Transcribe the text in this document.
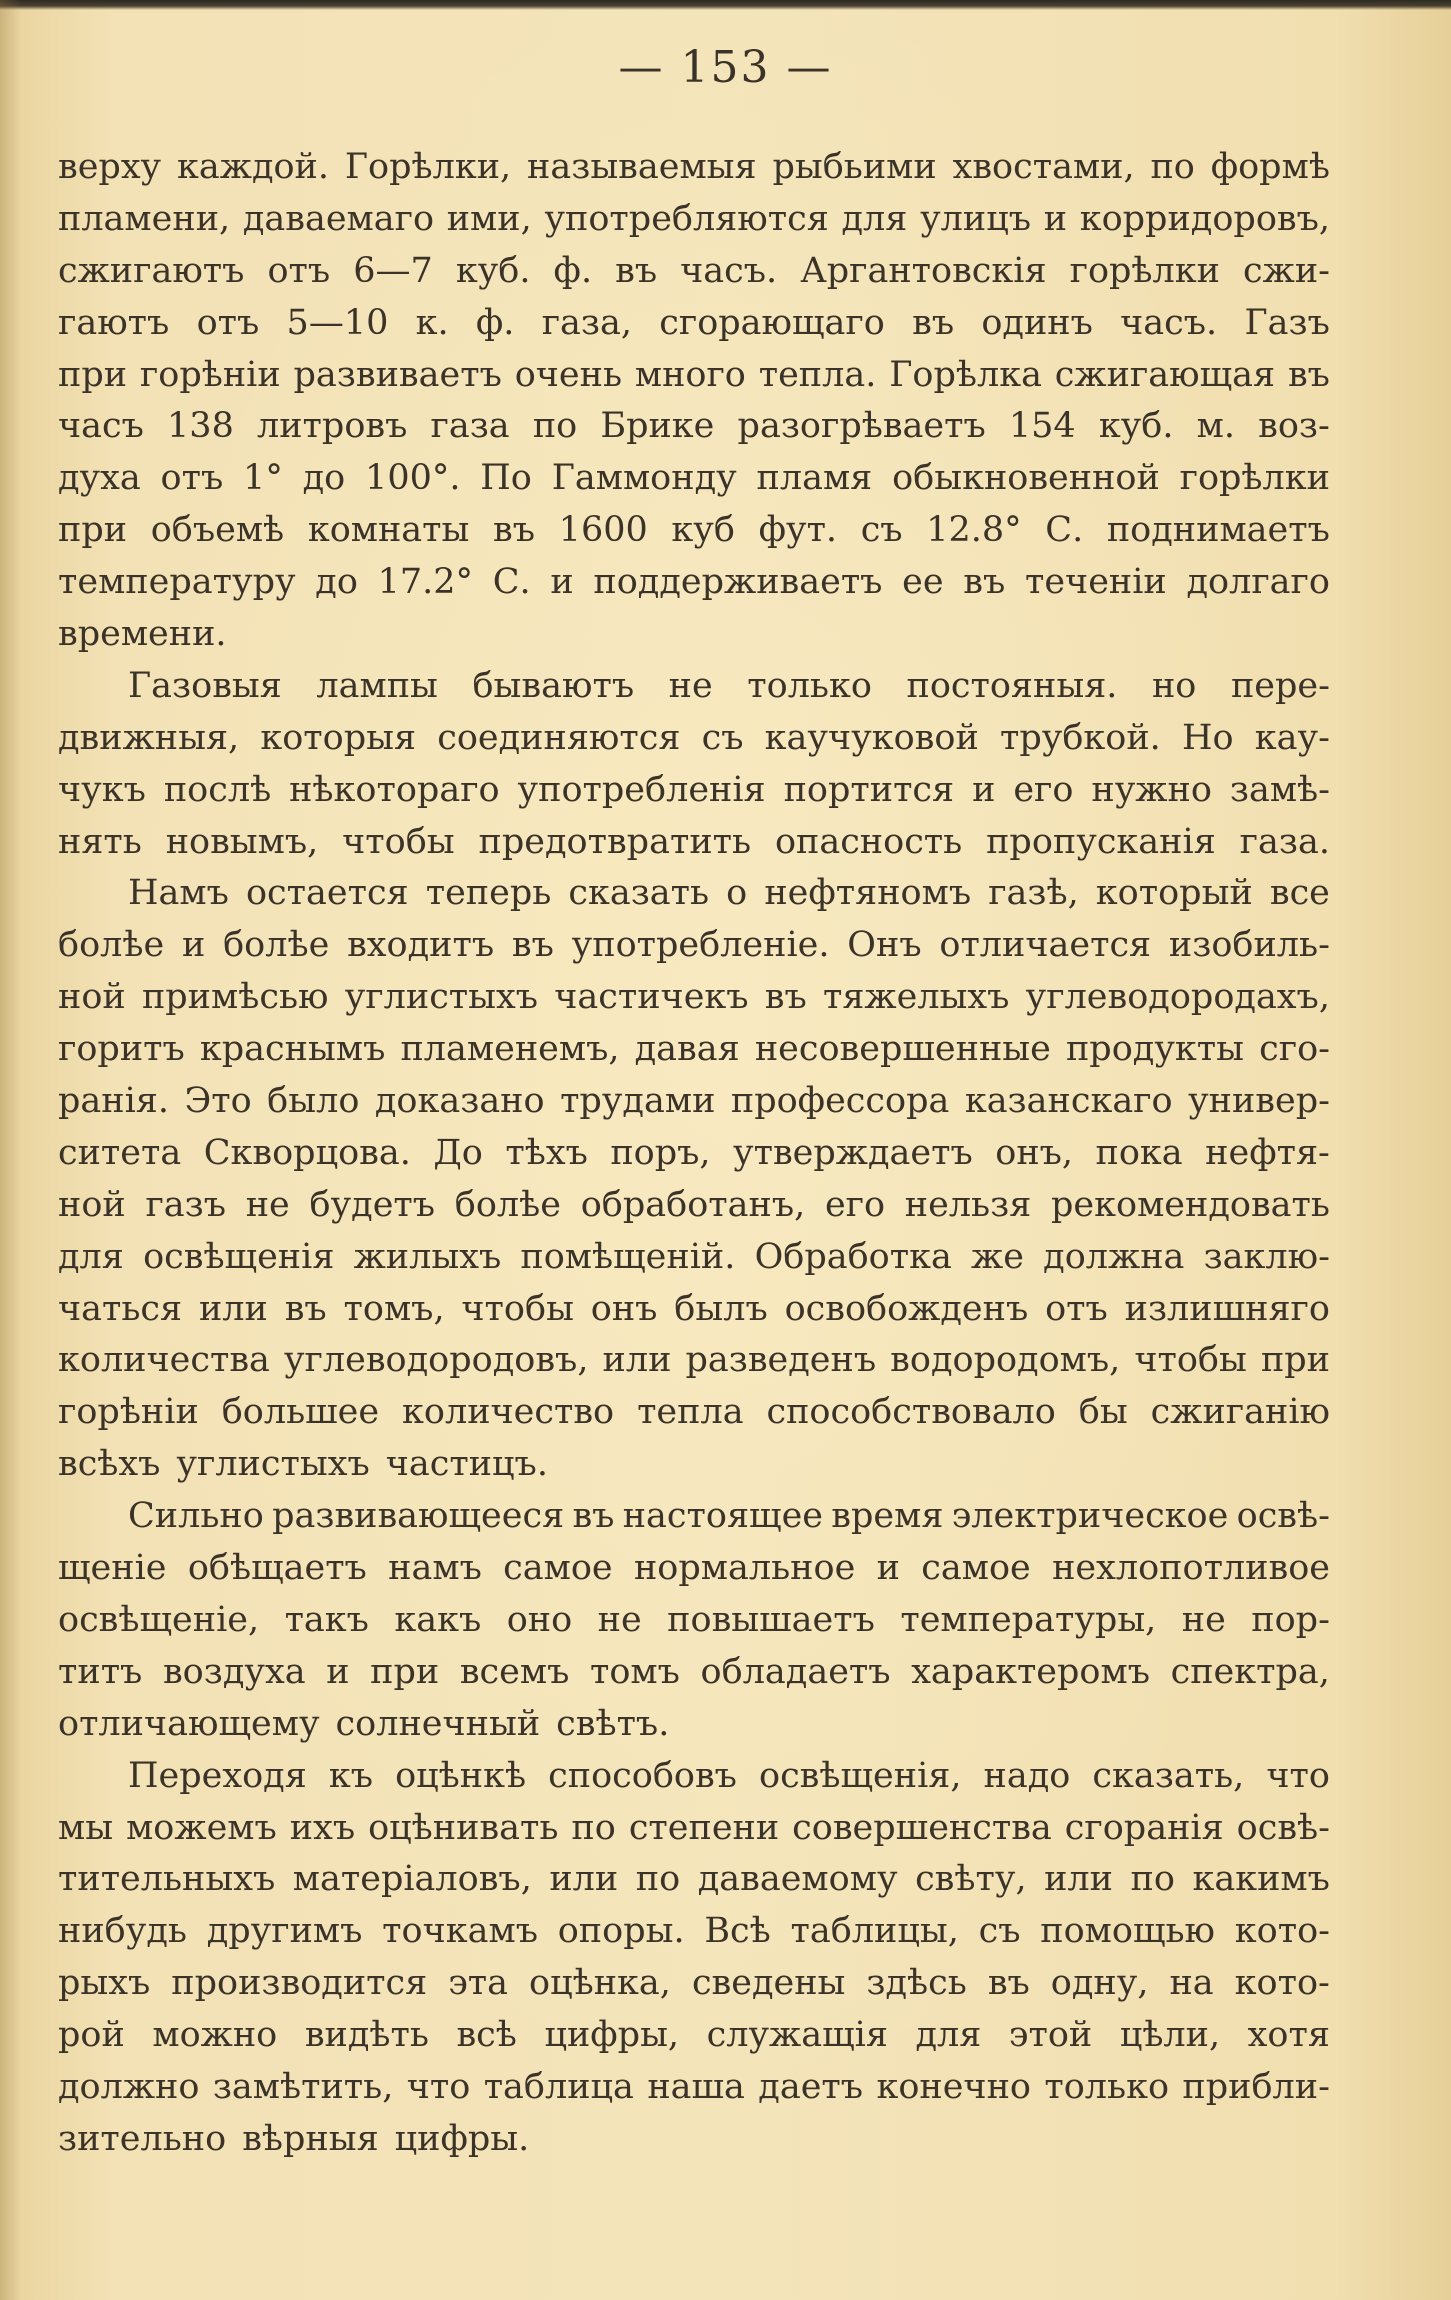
— 153 —
верху каждой. Горѣлки, называемыя рыбьими хвостами, по формѣ
пламени, даваемаго ими, употребляются для улицъ и корридоровъ,
сжигаютъ отъ 6—7 куб. ф. въ часъ. Аргантовскія горѣлки сжи-
гаютъ отъ 5—10 к. ф. газа, сгорающаго въ одинъ часъ. Газъ
при горѣніи развиваетъ очень много тепла. Горѣлка сжигающая въ
часъ 138 литровъ газа по Брике разогрѣваетъ 154 куб. м. воз-
духа отъ 1° до 100°. По Гаммонду пламя обыкновенной горѣлки
при объемѣ комнаты въ 1600 куб фут. съ 12.8° С. поднимаетъ
температуру до 17.2° С. и поддерживаетъ ее въ теченіи долгаго
времени.
Газовыя лампы бываютъ не только постояныя. но пере-
движныя, которыя соединяются съ каучуковой трубкой. Но кау-
чукъ послѣ нѣкотораго употребленія портится и его нужно замѣ-
нять новымъ, чтобы предотвратить опасность пропусканія газа.
Намъ остается теперь сказать о нефтяномъ газѣ, который все
болѣе и болѣе входитъ въ употребленіе. Онъ отличается изобиль-
ной примѣсью углистыхъ частичекъ въ тяжелыхъ углеводородахъ,
горитъ краснымъ пламенемъ, давая несовершенные продукты сго-
ранія. Это было доказано трудами профессора казанскаго универ-
ситета Скворцова. До тѣхъ поръ, утверждаетъ онъ, пока нефтя-
ной газъ не будетъ болѣе обработанъ, его нельзя рекомендовать
для освѣщенія жилыхъ помѣщеній. Обработка же должна заклю-
чаться или въ томъ, чтобы онъ былъ освобожденъ отъ излишняго
количества углеводородовъ, или разведенъ водородомъ, чтобы при
горѣніи большее количество тепла способствовало бы сжиганію
всѣхъ углистыхъ частицъ.
Сильно развивающееся въ настоящее время электрическое освѣ-
щеніе обѣщаетъ намъ самое нормальное и самое нехлопотливое
освѣщеніе, такъ какъ оно не повышаетъ температуры, не пор-
титъ воздуха и при всемъ томъ обладаетъ характеромъ спектра,
отличающему солнечный свѣтъ.
Переходя къ оцѣнкѣ способовъ освѣщенія, надо сказать, что
мы можемъ ихъ оцѣнивать по степени совершенства сгоранія освѣ-
тительныхъ матеріаловъ, или по даваемому свѣту, или по какимъ
нибудь другимъ точкамъ опоры. Всѣ таблицы, съ помощью кото-
рыхъ производится эта оцѣнка, сведены здѣсь въ одну, на кото-
рой можно видѣть всѣ цифры, служащія для этой цѣли, хотя
должно замѣтить, что таблица наша даетъ конечно только прибли-
зительно вѣрныя цифры.
